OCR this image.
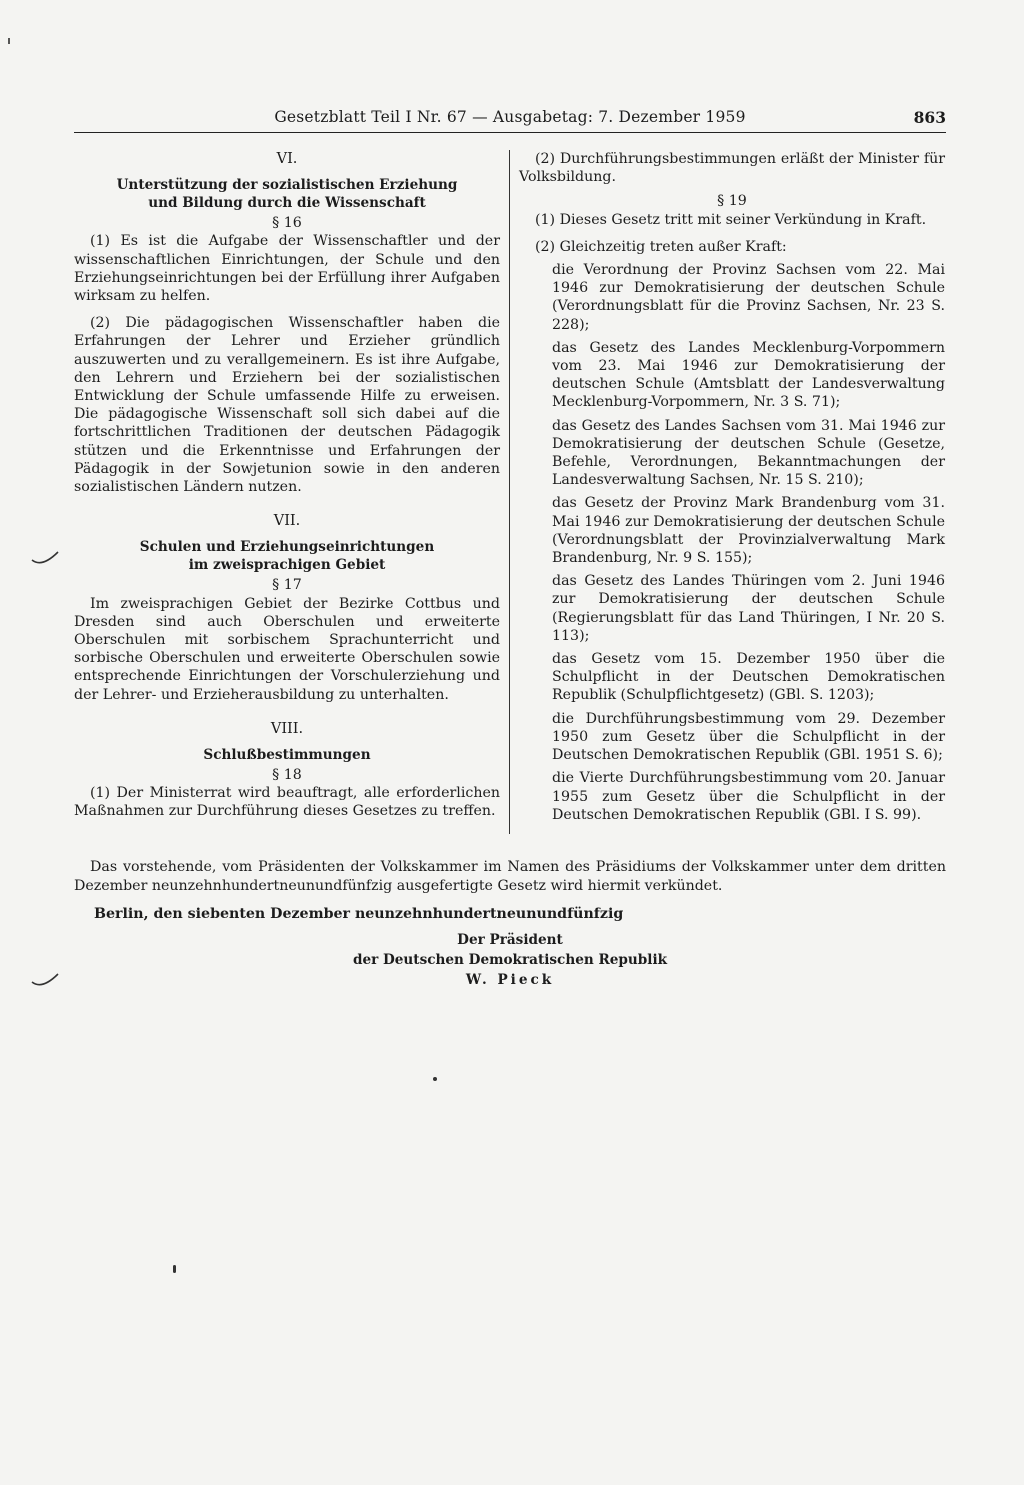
Gesetzblatt Teil I Nr. 67 — Ausgabetag: 7. Dezember 1959	863
VI.
Unterstützung der sozialistischen Erziehung und Bildung durch die Wissenschaft
§ 16

(1) Es ist die Aufgabe der Wissenschaftler und der wissenschaftlichen Einrichtungen, der Schule und den Erziehungseinrichtungen bei der Erfüllung ihrer Aufgaben wirksam zu helfen.

(2) Die pädagogischen Wissenschaftler haben die Erfahrungen der Lehrer und Erzieher gründlich auszuwerten und zu verallgemeinern. Es ist ihre Aufgabe, den Lehrern und Erziehern bei der sozialistischen Entwicklung der Schule umfassende Hilfe zu erweisen. Die pädagogische Wissenschaft soll sich dabei auf die fortschrittlichen Traditionen der deutschen Pädagogik stützen und die Erkenntnisse und Erfahrungen der Pädagogik in der Sowjetunion sowie in den anderen sozialistischen Ländern nutzen.

VII.
Schulen und Erziehungseinrichtungen im zweisprachigen Gebiet
§ 17

Im zweisprachigen Gebiet der Bezirke Cottbus und Dresden sind auch Oberschulen und erweiterte Oberschulen mit sorbischem Sprachunterricht und sorbische Oberschulen und erweiterte Oberschulen sowie entsprechende Einrichtungen der Vorschulerziehung und der Lehrer- und Erzieherausbildung zu unterhalten.

VIII.
Schlußbestimmungen
§ 18

(1) Der Ministerrat wird beauftragt, alle erforderlichen Maßnahmen zur Durchführung dieses Gesetzes zu treffen.

(2) Durchführungsbestimmungen erläßt der Minister für Volksbildung.

§ 19

(1) Dieses Gesetz tritt mit seiner Verkündung in Kraft.

(2) Gleichzeitig treten außer Kraft:

die Verordnung der Provinz Sachsen vom 22. Mai 1946 zur Demokratisierung der deutschen Schule (Verordnungsblatt für die Provinz Sachsen, Nr. 23 S. 228);

das Gesetz des Landes Mecklenburg-Vorpommern vom 23. Mai 1946 zur Demokratisierung der deutschen Schule (Amtsblatt der Landesverwaltung Mecklenburg-Vorpommern, Nr. 3 S. 71);

das Gesetz des Landes Sachsen vom 31. Mai 1946 zur Demokratisierung der deutschen Schule (Gesetze, Befehle, Verordnungen, Bekanntmachungen der Landesverwaltung Sachsen, Nr. 15 S. 210);

das Gesetz der Provinz Mark Brandenburg vom 31. Mai 1946 zur Demokratisierung der deutschen Schule (Verordnungsblatt der Provinzialverwaltung Mark Brandenburg, Nr. 9 S. 155);

das Gesetz des Landes Thüringen vom 2. Juni 1946 zur Demokratisierung der deutschen Schule (Regierungsblatt für das Land Thüringen, I Nr. 20 S. 113);

das Gesetz vom 15. Dezember 1950 über die Schulpflicht in der Deutschen Demokratischen Republik (Schulpflichtgesetz) (GBl. S. 1203);

die Durchführungsbestimmung vom 29. Dezember 1950 zum Gesetz über die Schulpflicht in der Deutschen Demokratischen Republik (GBl. 1951 S. 6);

die Vierte Durchführungsbestimmung vom 20. Januar 1955 zum Gesetz über die Schulpflicht in der Deutschen Demokratischen Republik (GBl. I S. 99).

Das vorstehende, vom Präsidenten der Volkskammer im Namen des Präsidiums der Volkskammer unter dem dritten Dezember neunzehnhundertneunundfünfzig ausgefertigte Gesetz wird hiermit verkündet.

Berlin, den siebenten Dezember neunzehnhundertneunundfünfzig

Der Präsident
der Deutschen Demokratischen Republik
W. Pieck
